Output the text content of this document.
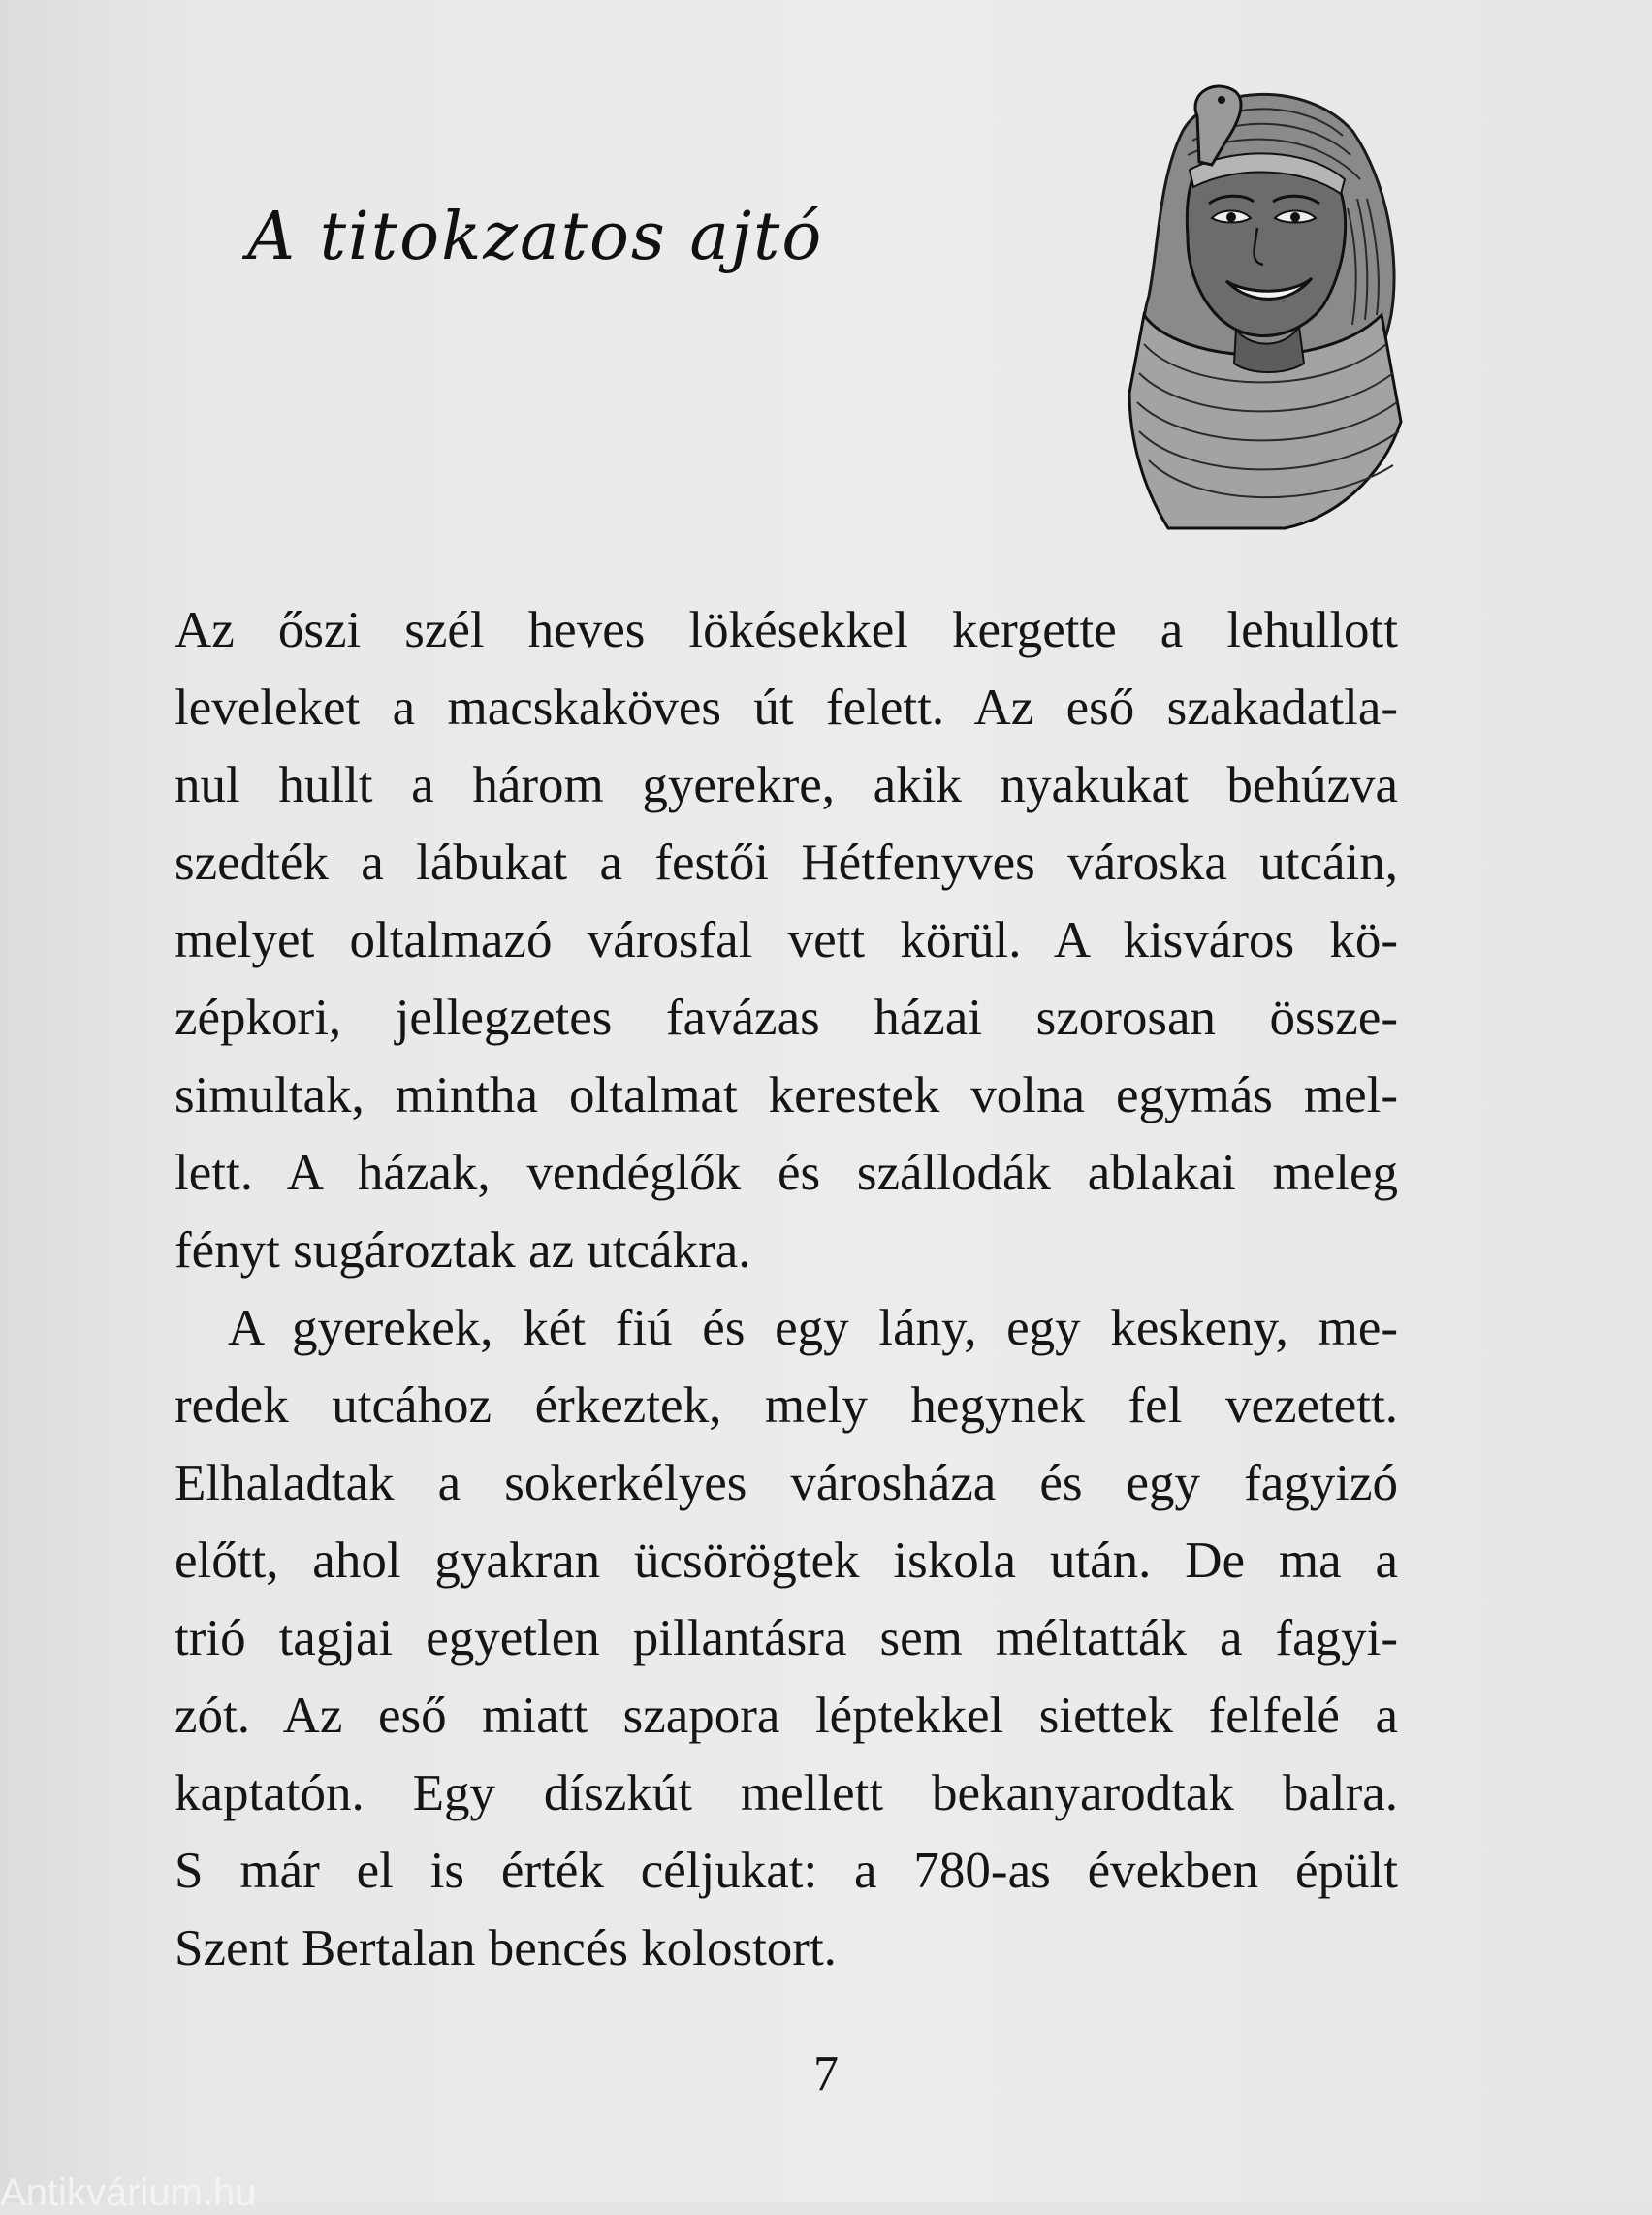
A titokzatos ajtó
Az őszi szél heves lökésekkel kergette a lehullott
leveleket a macskaköves út felett. Az eső szakadatla-
nul hullt a három gyerekre, akik nyakukat behúzva
szedték a lábukat a festői Hétfenyves városka utcáin,
melyet oltalmazó városfal vett körül. A kisváros kö-
zépkori, jellegzetes favázas házai szorosan össze-
simultak, mintha oltalmat kerestek volna egymás mel-
lett. A házak, vendéglők és szállodák ablakai meleg
fényt sugároztak az utcákra.
A gyerekek, két fiú és egy lány, egy keskeny, me-
redek utcához érkeztek, mely hegynek fel vezetett.
Elhaladtak a sokerkélyes városháza és egy fagyizó
előtt, ahol gyakran ücsörögtek iskola után. De ma a
trió tagjai egyetlen pillantásra sem méltatták a fagyi-
zót. Az eső miatt szapora léptekkel siettek felfelé a
kaptatón. Egy díszkút mellett bekanyarodtak balra.
S már el is érték céljukat: a 780-as években épült
Szent Bertalan bencés kolostort.
7
Antikvárium.hu
